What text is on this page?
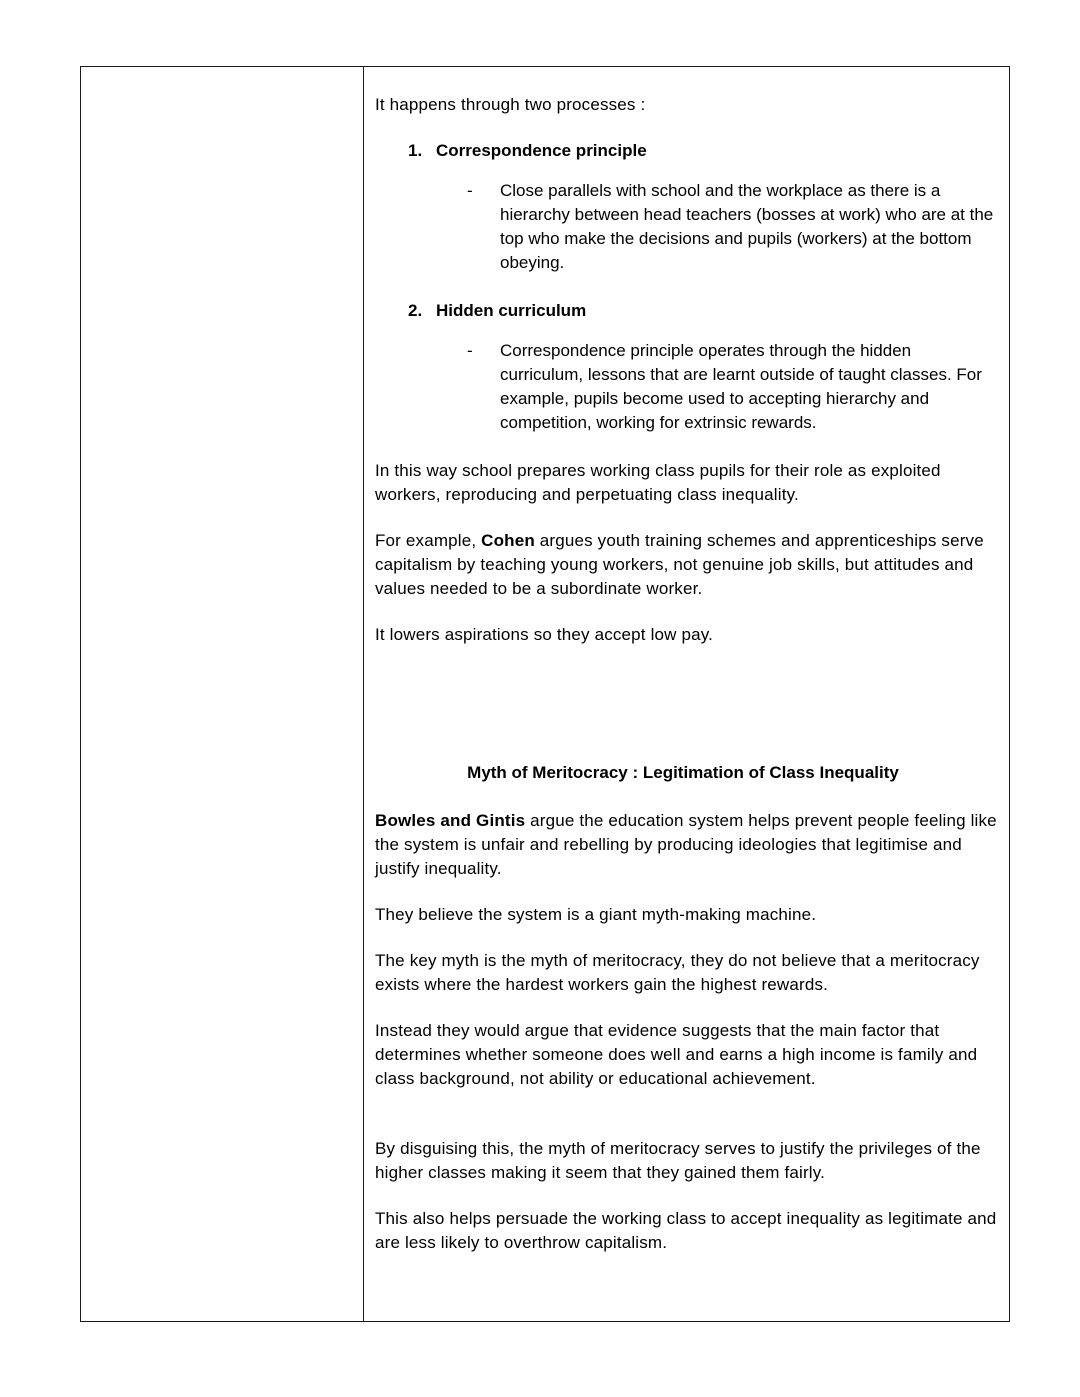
It happens through two processes :

1. Correspondence principle
-	Close parallels with school and the workplace as there is a hierarchy between head teachers (bosses at work) who are at the top who make the decisions and pupils (workers) at the bottom obeying.
2. Hidden curriculum
-	Correspondence principle operates through the hidden curriculum, lessons that are learnt outside of taught classes. For example, pupils become used to accepting hierarchy and competition, working for extrinsic rewards.

In this way school prepares working class pupils for their role as exploited workers, reproducing and perpetuating class inequality.

For example, Cohen argues youth training schemes and apprenticeships serve capitalism by teaching young workers, not genuine job skills, but attitudes and values needed to be a subordinate worker.

It lowers aspirations so they accept low pay.

Myth of Meritocracy : Legitimation of Class Inequality

Bowles and Gintis argue the education system helps prevent people feeling like the system is unfair and rebelling by producing ideologies that legitimise and justify inequality.

They believe the system is a giant myth-making machine.

The key myth is the myth of meritocracy, they do not believe that a meritocracy exists where the hardest workers gain the highest rewards.

Instead they would argue that evidence suggests that the main factor that determines whether someone does well and earns a high income is family and class background, not ability or educational achievement.

By disguising this, the myth of meritocracy serves to justify the privileges of the higher classes making it seem that they gained them fairly.

This also helps persuade the working class to accept inequality as legitimate and are less likely to overthrow capitalism.
